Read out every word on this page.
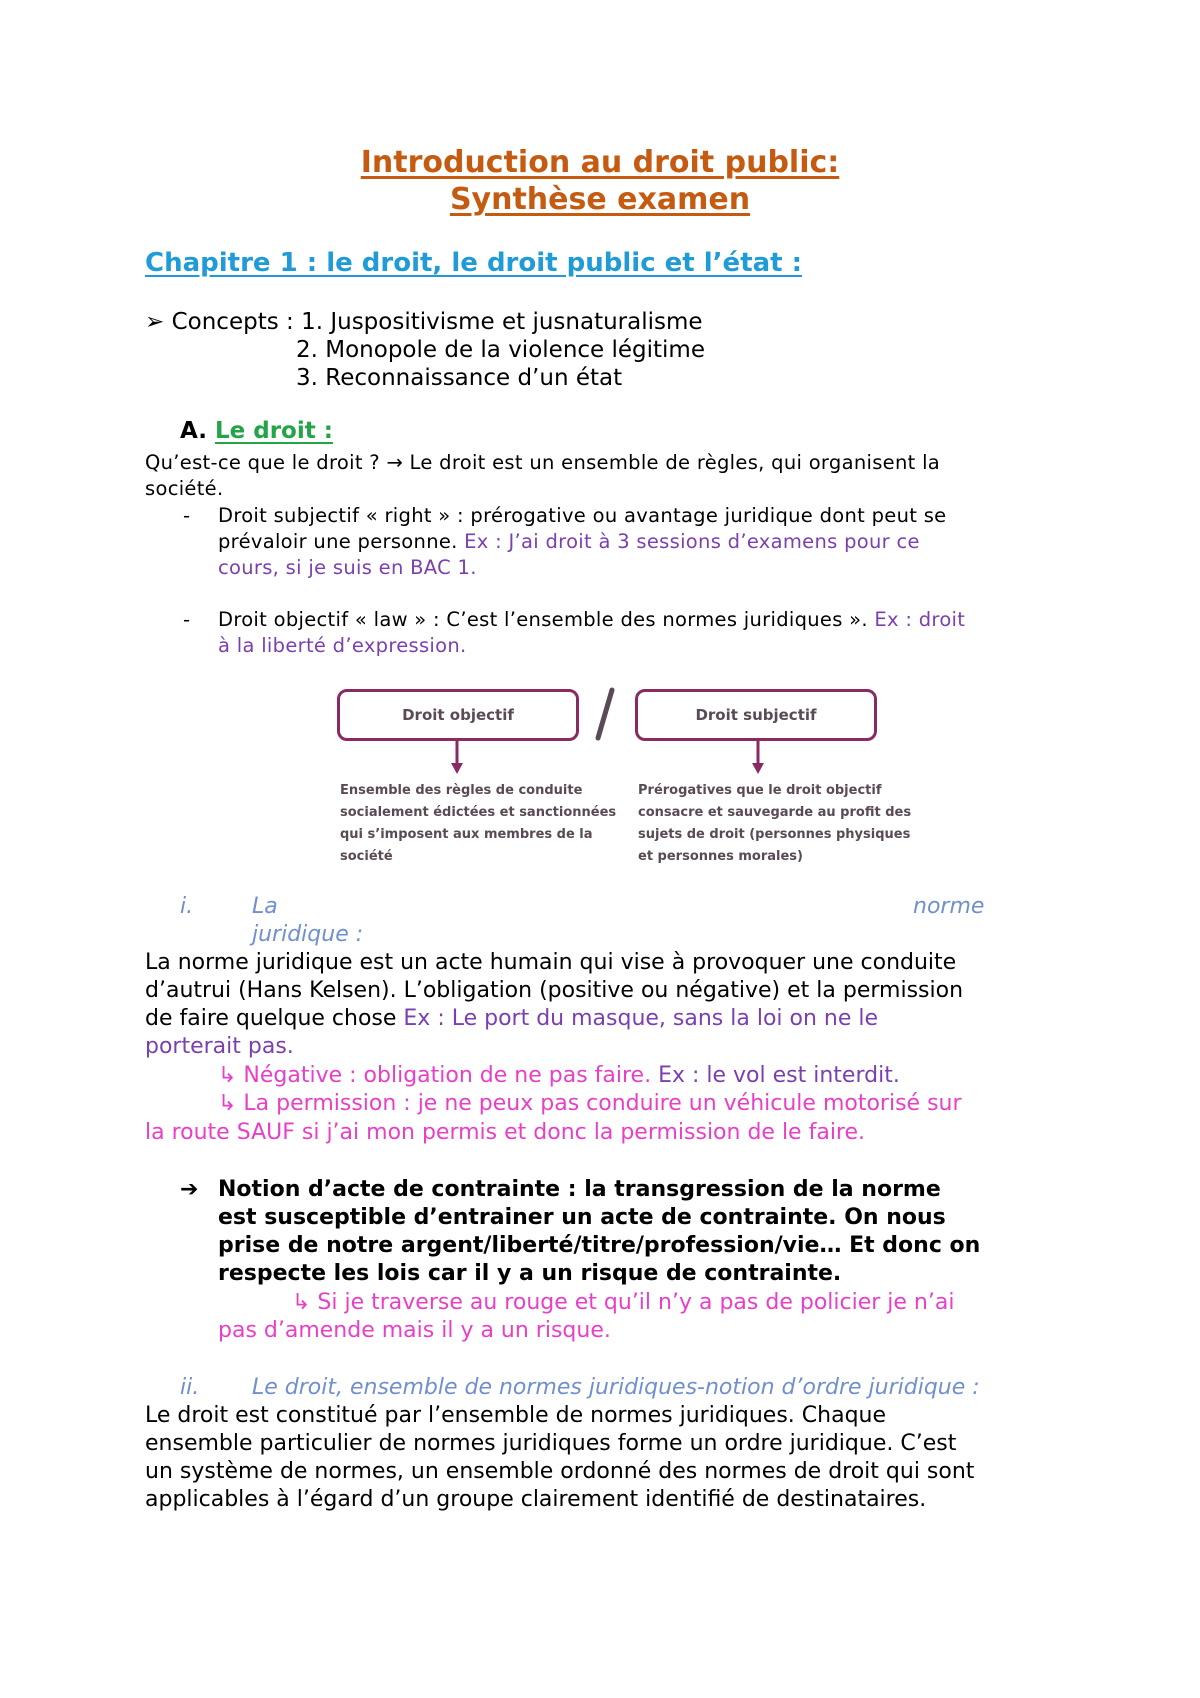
Introduction au droit public:
Synthèse examen
Chapitre 1 : le droit, le droit public et l’état :
➢ Concepts : 1. Juspositivisme et jusnaturalisme
2. Monopole de la violence légitime
3. Reconnaissance d’un état
A. Le droit :
Qu’est-ce que le droit ? → Le droit est un ensemble de règles, qui organisent la
société.
- Droit subjectif « right » : prérogative ou avantage juridique dont peut se
prévaloir une personne. Ex : J’ai droit à 3 sessions d’examens pour ce
cours, si je suis en BAC 1.
- Droit objectif « law » : C’est l’ensemble des normes juridiques ». Ex : droit
à la liberté d’expression.
Droit objectif	Droit subjectif
Ensemble des règles de conduite
socialement édictées et sanctionnées
qui s’imposent aux membres de la
société
Prérogatives que le droit objectif
consacre et sauvegarde au profit des
sujets de droit (personnes physiques
et personnes morales)
i.	La	norme
juridique :
La norme juridique est un acte humain qui vise à provoquer une conduite
d’autrui (Hans Kelsen). L’obligation (positive ou négative) et la permission
de faire quelque chose Ex : Le port du masque, sans la loi on ne le
porterait pas.
↳ Négative : obligation de ne pas faire. Ex : le vol est interdit.
↳ La permission : je ne peux pas conduire un véhicule motorisé sur
la route SAUF si j’ai mon permis et donc la permission de le faire.
➔ Notion d’acte de contrainte : la transgression de la norme
est susceptible d’entrainer un acte de contrainte. On nous
prise de notre argent/liberté/titre/profession/vie… Et donc on
respecte les lois car il y a un risque de contrainte.
↳ Si je traverse au rouge et qu’il n’y a pas de policier je n’ai
pas d’amende mais il y a un risque.
ii. Le droit, ensemble de normes juridiques-notion d’ordre juridique :
Le droit est constitué par l’ensemble de normes juridiques. Chaque
ensemble particulier de normes juridiques forme un ordre juridique. C’est
un système de normes, un ensemble ordonné des normes de droit qui sont
applicables à l’égard d’un groupe clairement identifié de destinataires.
